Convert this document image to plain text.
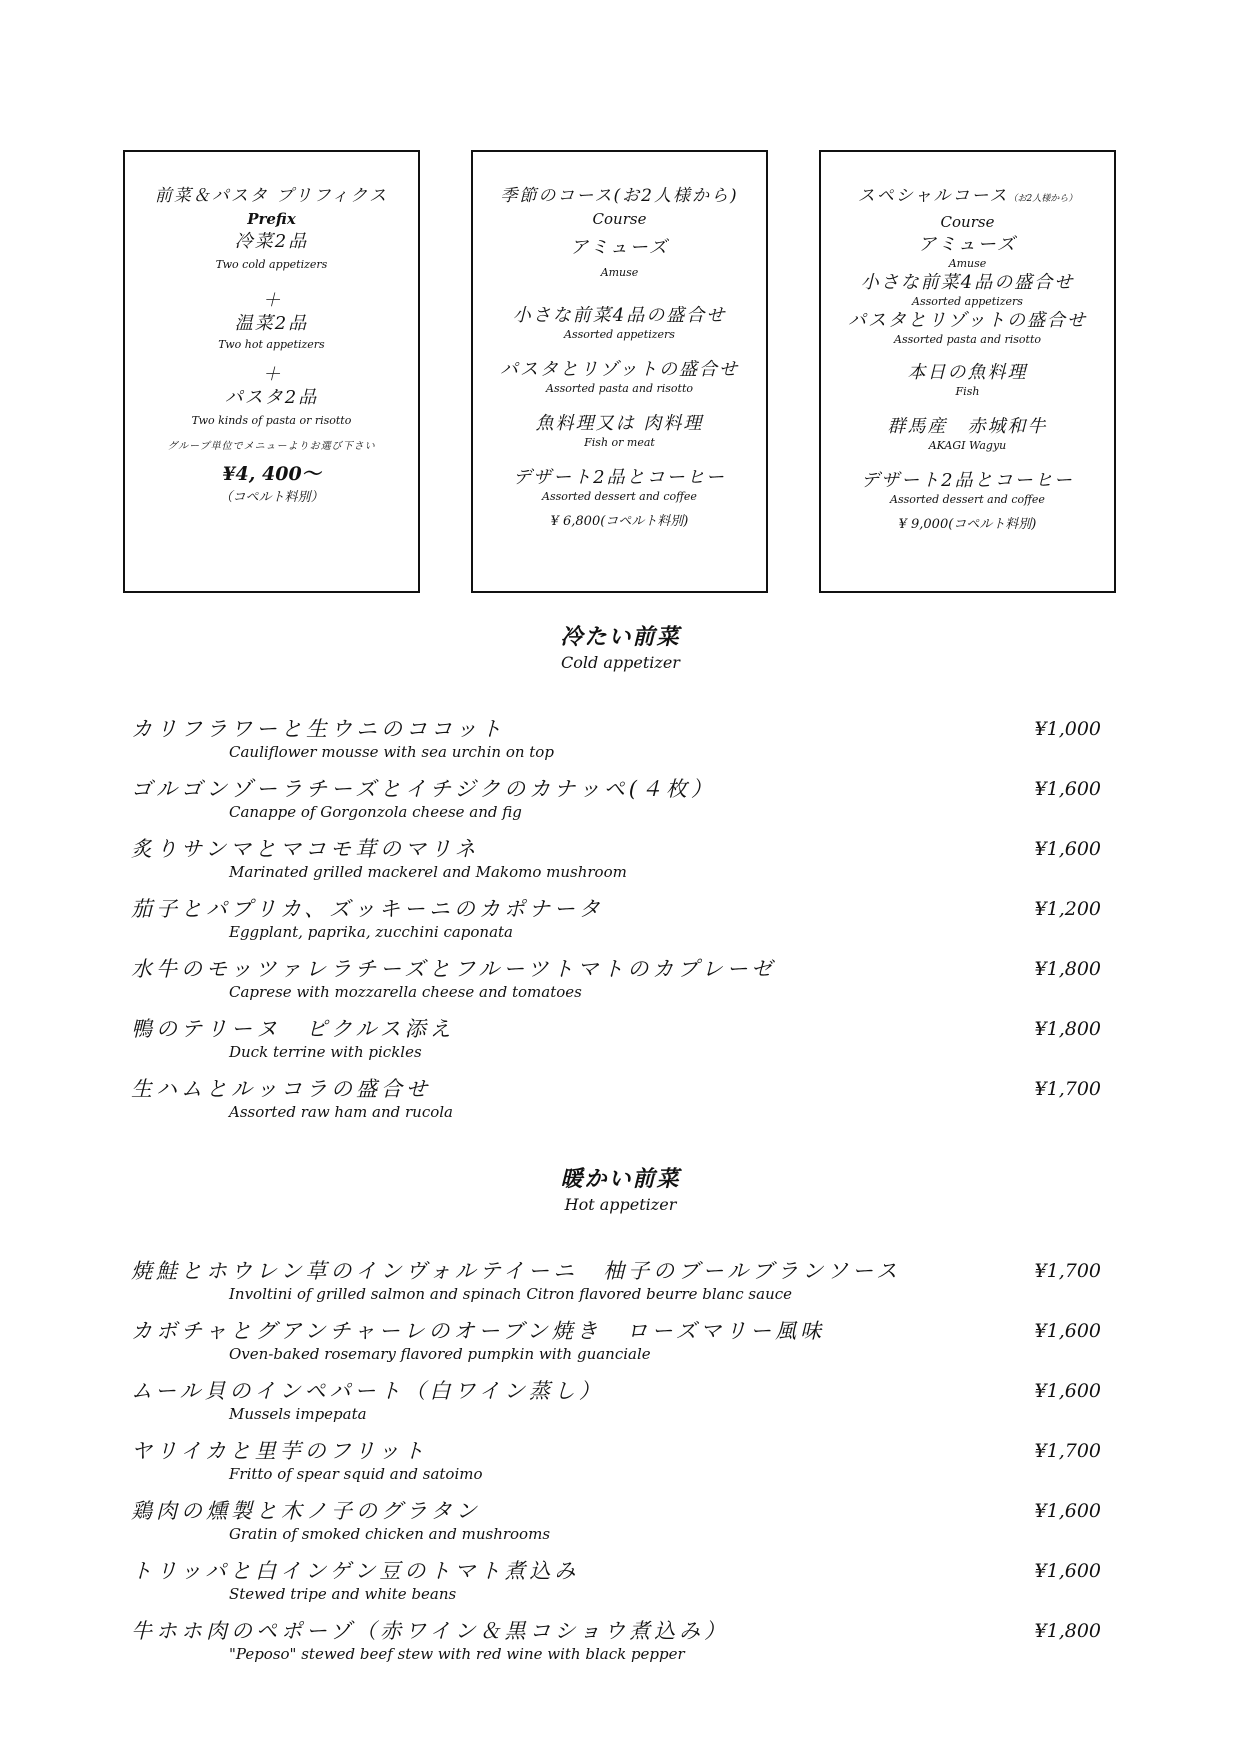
前菜＆パスタ プリフィクス

Prefix

冷菜2品

Two cold appetizers

＋

温菜2品

Two hot appetizers

＋

パスタ2品

Two kinds of pasta or risotto

グループ単位でメニューよりお選び下さい

¥4, 400～

（コペルト料別）

季節のコース(お2人様から)

Course

アミューズ

Amuse

小さな前菜4品の盛合せ

Assorted appetizers

パスタとリゾットの盛合せ

Assorted pasta and risotto

魚料理又は 肉料理

Fish or meat

デザート2品とコーヒー

Assorted dessert and coffee

¥ 6,800(コペルト料別)

スペシャルコース（お2人様から）

Course

アミューズ

Amuse

小さな前菜4品の盛合せ

Assorted appetizers

パスタとリゾットの盛合せ

Assorted pasta and risotto

本日の魚料理

Fish

群馬産　赤城和牛

AKAGI Wagyu

デザート2品とコーヒー

Assorted dessert and coffee

¥ 9,000(コペルト料別)

冷たい前菜
Cold appetizer
カリフラワーと生ウニのココット
Cauliflower mousse with sea urchin on top
¥1,000
ゴルゴンゾーラチーズとイチジクのカナッペ(４枚）
Canappe of Gorgonzola cheese and fig
¥1,600
炙りサンマとマコモ茸のマリネ
Marinated grilled mackerel and Makomo mushroom
¥1,600
茄子とパプリカ、ズッキーニのカポナータ
Eggplant, paprika, zucchini caponata
¥1,200
水牛のモッツァレラチーズとフルーツトマトのカプレーゼ
Caprese with mozzarella cheese and tomatoes
¥1,800
鴨のテリーヌ　ピクルス添え
Duck terrine with pickles
¥1,800
生ハムとルッコラの盛合せ
Assorted raw ham and rucola
¥1,700
暖かい前菜
Hot appetizer
焼鮭とホウレン草のインヴォルテイーニ　柚子のブールブランソース
Involtini of grilled salmon and spinach Citron flavored beurre blanc sauce
¥1,700
カボチャとグアンチャーレのオーブン焼き　ローズマリー風味
Oven-baked rosemary flavored pumpkin with guanciale
¥1,600
ムール貝のインペパート（白ワイン蒸し）
Mussels impepata
¥1,600
ヤリイカと里芋のフリット
Fritto of spear squid and satoimo
¥1,700
鶏肉の燻製と木ノ子のグラタン
Gratin of smoked chicken and mushrooms
¥1,600
トリッパと白インゲン豆のトマト煮込み
Stewed tripe and white beans
¥1,600
牛ホホ肉のペポーゾ（赤ワイン＆黒コショウ煮込み）
"Peposo" stewed beef stew with red wine with black pepper
¥1,800
